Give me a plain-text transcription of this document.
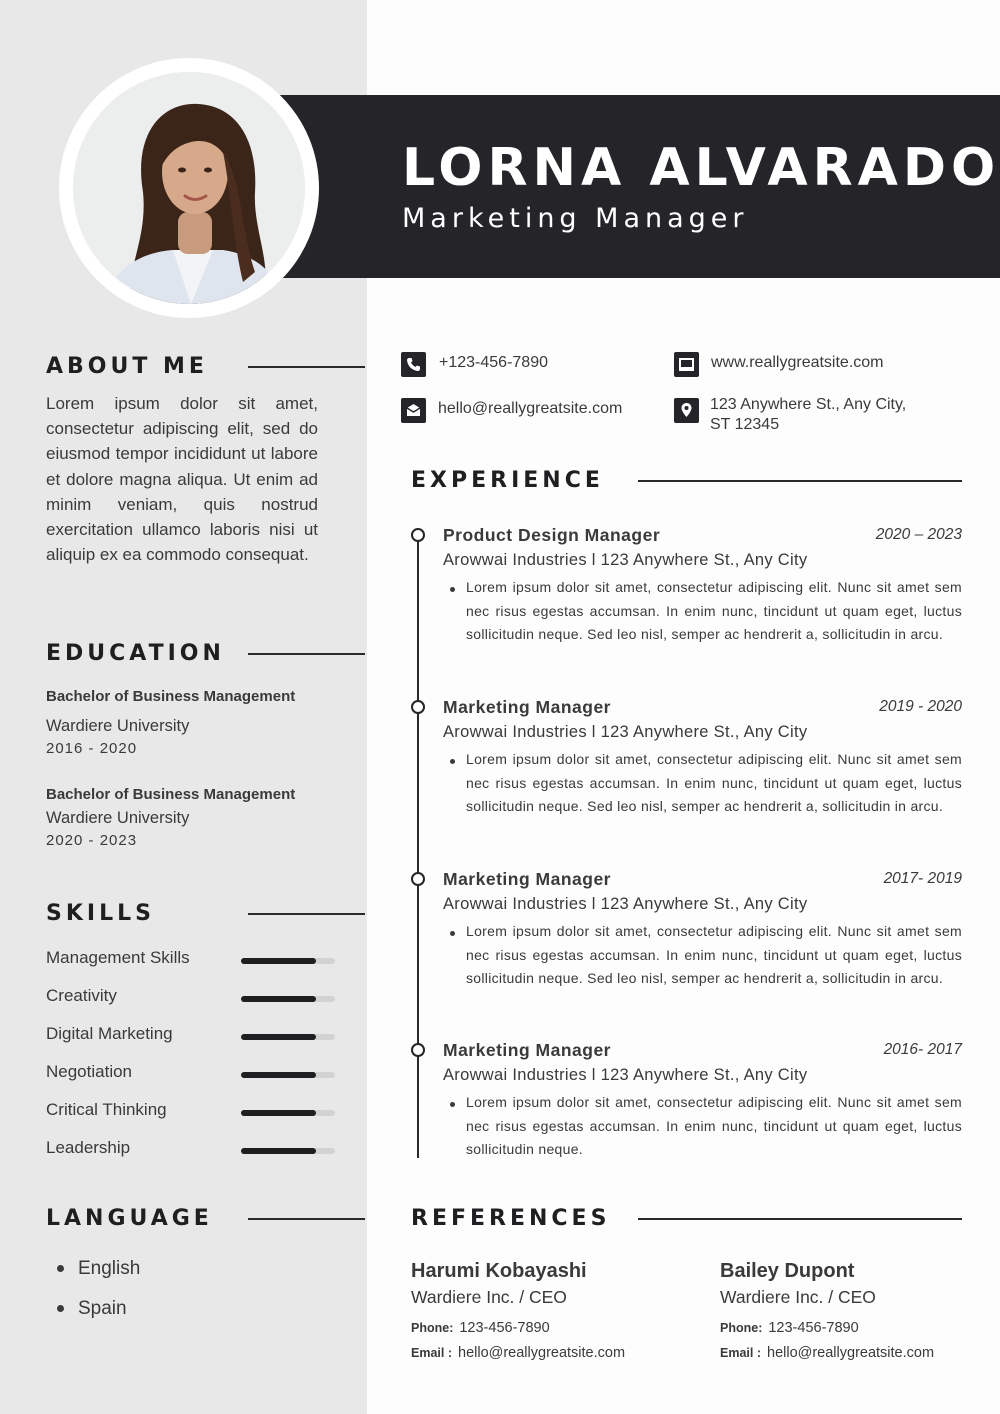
LORNA ALVARADO
Marketing Manager
ABOUT ME
Lorem ipsum dolor sit amet, consectetur adipiscing elit, sed do eiusmod tempor incididunt ut labore et dolore magna aliqua. Ut enim ad minim veniam, quis nostrud exercitation ullamco laboris nisi ut aliquip ex ea commodo consequat.
EDUCATION
Bachelor of Business Management
Wardiere University
2016 - 2020
Bachelor of Business Management
Wardiere University
2020 - 2023
SKILLS
Management Skills
Creativity
Digital Marketing
Negotiation
Critical Thinking
Leadership
LANGUAGE
English
Spain
+123-456-7890	www.reallygreatsite.com
hello@reallygreatsite.com	123 Anywhere St., Any City,
ST 12345
EXPERIENCE
Product Design Manager	2020 – 2023
Arowwai Industries l 123 Anywhere St., Any City
Lorem ipsum dolor sit amet, consectetur adipiscing elit. Nunc sit amet sem nec risus egestas accumsan. In enim nunc, tincidunt ut quam eget, luctus sollicitudin neque. Sed leo nisl, semper ac hendrerit a, sollicitudin in arcu.
Marketing Manager	2019 - 2020
Arowwai Industries l 123 Anywhere St., Any City
Lorem ipsum dolor sit amet, consectetur adipiscing elit. Nunc sit amet sem nec risus egestas accumsan. In enim nunc, tincidunt ut quam eget, luctus sollicitudin neque. Sed leo nisl, semper ac hendrerit a, sollicitudin in arcu.
Marketing Manager	2017- 2019
Arowwai Industries l 123 Anywhere St., Any City
Lorem ipsum dolor sit amet, consectetur adipiscing elit. Nunc sit amet sem nec risus egestas accumsan. In enim nunc, tincidunt ut quam eget, luctus sollicitudin neque. Sed leo nisl, semper ac hendrerit a, sollicitudin in arcu.
Marketing Manager	2016- 2017
Arowwai Industries l 123 Anywhere St., Any City
Lorem ipsum dolor sit amet, consectetur adipiscing elit. Nunc sit amet sem nec risus egestas accumsan. In enim nunc, tincidunt ut quam eget, luctus sollicitudin neque.
REFERENCES
Harumi Kobayashi
Wardiere Inc. / CEO
Phone: 123-456-7890
Email : hello@reallygreatsite.com
Bailey Dupont
Wardiere Inc. / CEO
Phone: 123-456-7890
Email : hello@reallygreatsite.com
